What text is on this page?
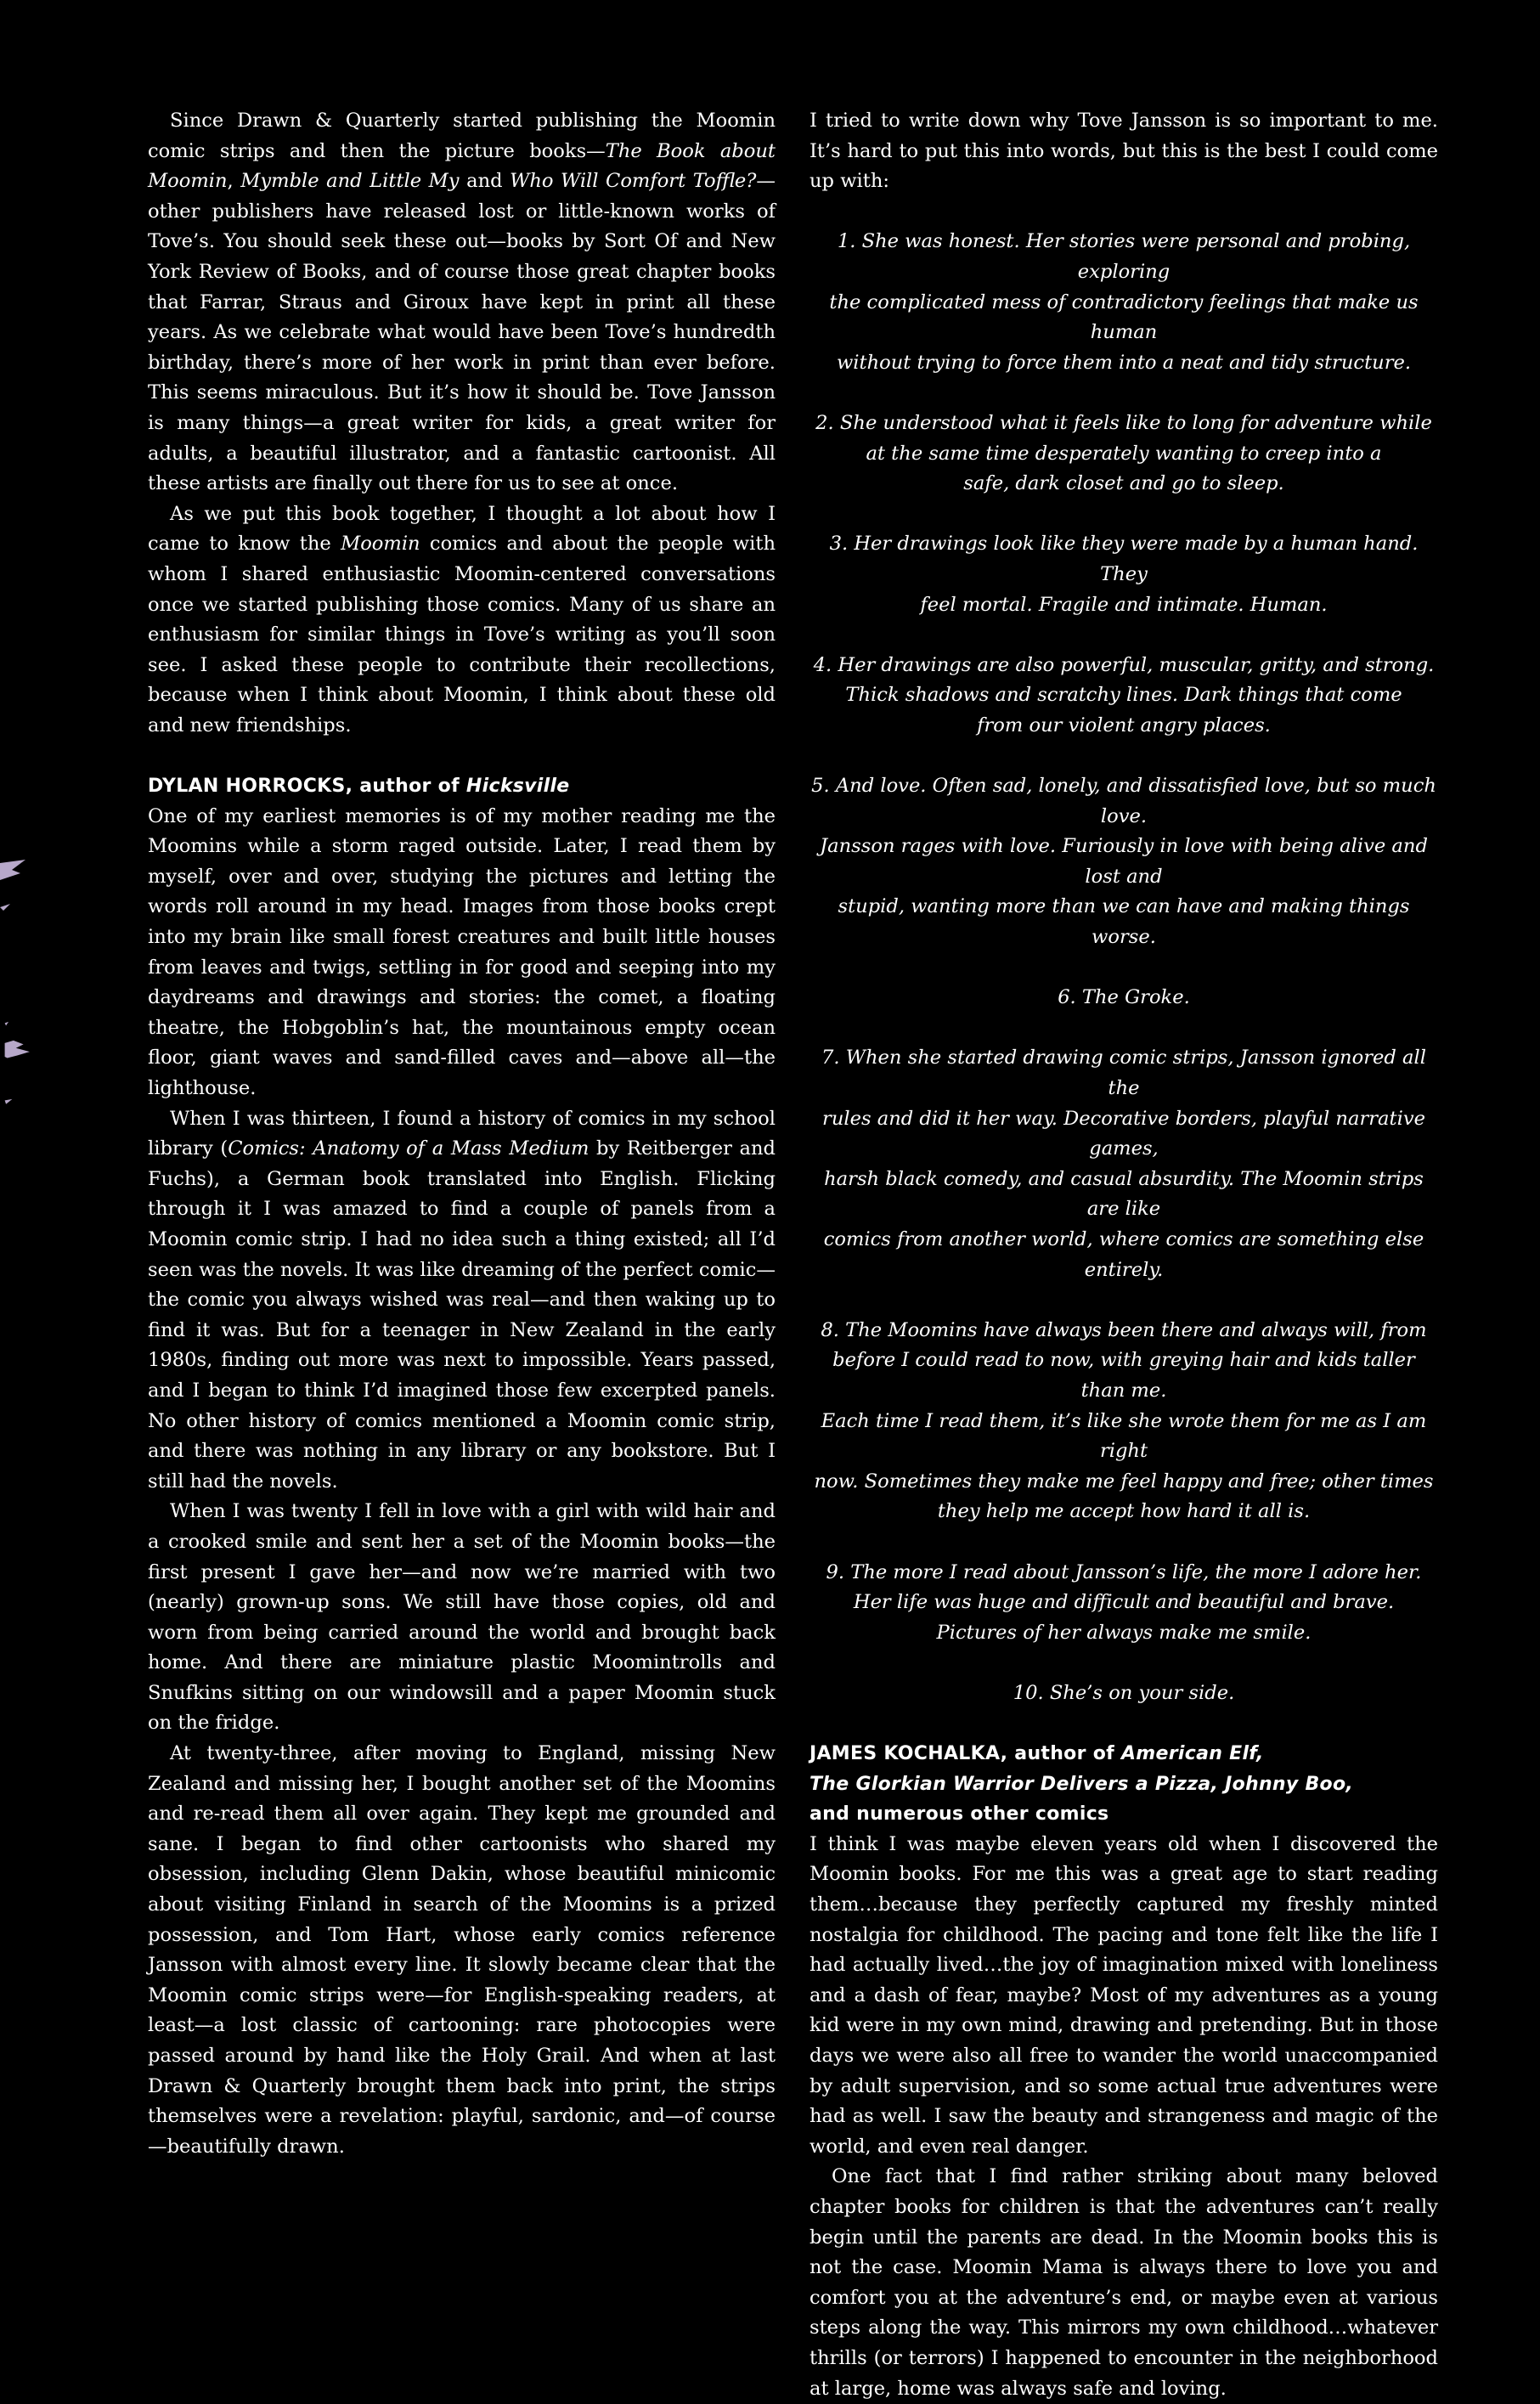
Since Drawn & Quarterly started publishing the Moomin comic strips and then the picture books—The Book about Moomin, Mymble and Little My and Who Will Comfort Toffle?—other publishers have released lost or little-known works of Tove’s. You should seek these out—books by Sort Of and New York Review of Books, and of course those great chapter books that Farrar, Straus and Giroux have kept in print all these years. As we celebrate what would have been Tove’s hundredth birthday, there’s more of her work in print than ever before. This seems miraculous. But it’s how it should be. Tove Jansson is many things—a great writer for kids, a great writer for adults, a beautiful illustrator, and a fantastic cartoonist. All these artists are finally out there for us to see at once.

As we put this book together, I thought a lot about how I came to know the Moomin comics and about the people with whom I shared enthusiastic Moomin-centered conversations once we started publishing those comics. Many of us share an enthusiasm for similar things in Tove’s writing as you’ll soon see. I asked these people to contribute their recollections, because when I think about Moomin, I think about these old and new friendships.

DYLAN HORROCKS, author of Hicksville

One of my earliest memories is of my mother reading me the Moomins while a storm raged outside. Later, I read them by myself, over and over, studying the pictures and letting the words roll around in my head. Images from those books crept into my brain like small forest creatures and built little houses from leaves and twigs, settling in for good and seeping into my daydreams and drawings and stories: the comet, a floating theatre, the Hobgoblin’s hat, the mountainous empty ocean floor, giant waves and sand-filled caves and—above all—the lighthouse.

When I was thirteen, I found a history of comics in my school library (Comics: Anatomy of a Mass Medium by Reitberger and Fuchs), a German book translated into English. Flicking through it I was amazed to find a couple of panels from a Moomin comic strip. I had no idea such a thing existed; all I’d seen was the novels. It was like dreaming of the perfect comic—the comic you always wished was real—and then waking up to find it was. But for a teenager in New Zealand in the early 1980s, finding out more was next to impossible. Years passed, and I began to think I’d imagined those few excerpted panels. No other history of comics mentioned a Moomin comic strip, and there was nothing in any library or any bookstore. But I still had the novels.

When I was twenty I fell in love with a girl with wild hair and a crooked smile and sent her a set of the Moomin books—the first present I gave her—and now we’re married with two (nearly) grown-up sons. We still have those copies, old and worn from being carried around the world and brought back home. And there are miniature plastic Moomintrolls and Snufkins sitting on our windowsill and a paper Moomin stuck on the fridge.

At twenty-three, after moving to England, missing New Zealand and missing her, I bought another set of the Moomins and re-read them all over again. They kept me grounded and sane. I began to find other cartoonists who shared my obsession, including Glenn Dakin, whose beautiful minicomic about visiting Finland in search of the Moomins is a prized possession, and Tom Hart, whose early comics reference Jansson with almost every line. It slowly became clear that the Moomin comic strips were—for English-speaking readers, at least—a lost classic of cartooning: rare photocopies were passed around by hand like the Holy Grail. And when at last Drawn & Quarterly brought them back into print, the strips themselves were a revelation: playful, sardonic, and—of course—beautifully drawn.

I tried to write down why Tove Jansson is so important to me. It’s hard to put this into words, but this is the best I could come up with:

1. She was honest. Her stories were personal and probing, exploring
the complicated mess of contradictory feelings that make us human
without trying to force them into a neat and tidy structure.
2. She understood what it feels like to long for adventure while
at the same time desperately wanting to creep into a
safe, dark closet and go to sleep.
3. Her drawings look like they were made by a human hand. They
feel mortal. Fragile and intimate. Human.
4. Her drawings are also powerful, muscular, gritty, and strong.
Thick shadows and scratchy lines. Dark things that come
from our violent angry places.
5. And love. Often sad, lonely, and dissatisfied love, but so much love.
Jansson rages with love. Furiously in love with being alive and lost and
stupid, wanting more than we can have and making things worse.
6. The Groke.
7. When she started drawing comic strips, Jansson ignored all the
rules and did it her way. Decorative borders, playful narrative games,
harsh black comedy, and casual absurdity. The Moomin strips are like
comics from another world, where comics are something else entirely.
8. The Moomins have always been there and always will, from
before I could read to now, with greying hair and kids taller than me.
Each time I read them, it’s like she wrote them for me as I am right
now. Sometimes they make me feel happy and free; other times
they help me accept how hard it all is.
9. The more I read about Jansson’s life, the more I adore her.
Her life was huge and difficult and beautiful and brave.
Pictures of her always make me smile.
10. She’s on your side.

JAMES KOCHALKA, author of American Elf,
The Glorkian Warrior Delivers a Pizza, Johnny Boo,
and numerous other comics

I think I was maybe eleven years old when I discovered the Moomin books. For me this was a great age to start reading them…because they perfectly captured my freshly minted nostalgia for childhood. The pacing and tone felt like the life I had actually lived…the joy of imagination mixed with loneliness and a dash of fear, maybe? Most of my adventures as a young kid were in my own mind, drawing and pretending. But in those days we were also all free to wander the world unaccompanied by adult supervision, and so some actual true adventures were had as well. I saw the beauty and strangeness and magic of the world, and even real danger.

One fact that I find rather striking about many beloved chapter books for children is that the adventures can’t really begin until the parents are dead. In the Moomin books this is not the case. Moomin Mama is always there to love you and comfort you at the adventure’s end, or maybe even at various steps along the way. This mirrors my own childhood…whatever thrills (or terrors) I happened to encounter in the neighborhood at large, home was always safe and loving.
